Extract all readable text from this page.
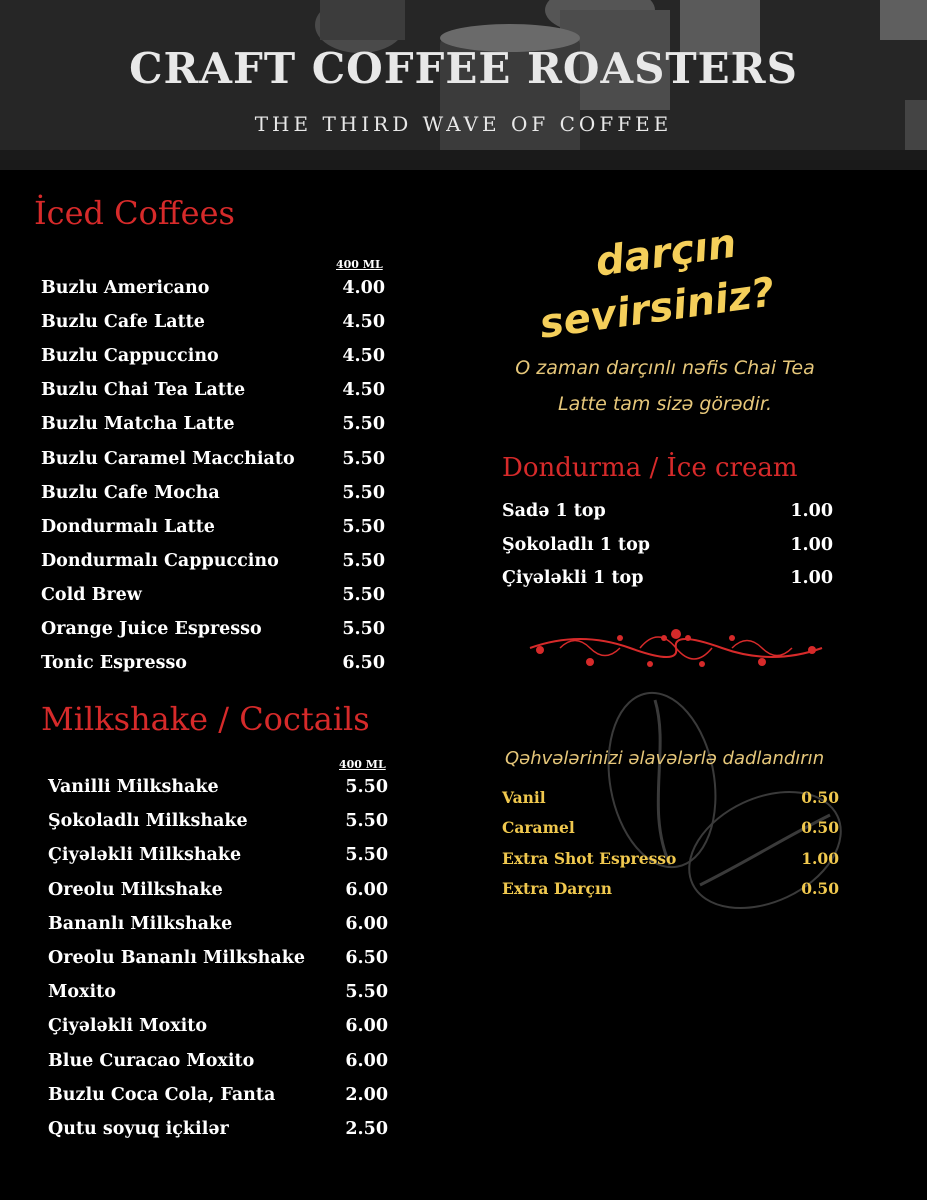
CRAFT COFFEE ROASTERS
THE THIRD WAVE OF COFFEE
İced Coffees
400 ML
Buzlu Americano	4.00
Buzlu Cafe Latte	4.50
Buzlu Cappuccino	4.50
Buzlu Chai Tea Latte	4.50
Buzlu Matcha Latte	5.50
Buzlu Caramel Macchiato	5.50
Buzlu Cafe Mocha	5.50
Dondurmalı Latte	5.50
Dondurmalı Cappuccino	5.50
Cold Brew	5.50
Orange Juice Espresso	5.50
Tonic Espresso	6.50
Milkshake / Coctails
400 ML
Vanilli Milkshake	5.50
Şokoladlı Milkshake	5.50
Çiyələkli Milkshake	5.50
Oreolu Milkshake	6.00
Bananlı Milkshake	6.00
Oreolu Bananlı Milkshake 6.50
Moxito	5.50
Çiyələkli Moxito	6.00
Blue Curacao Moxito	6.00
Buzlu Coca Cola, Fanta	2.00
Qutu soyuq içkilər	2.50
darçın
sevirsiniz?
O zaman darçınlı nəfis Chai Tea
Latte tam sizə görədir.
Dondurma / İce cream
Sadə 1 top	1.00
Şokoladlı 1 top	1.00
Çiyələkli 1 top	1.00
Qəhvələrinizi əlavələrlə dadlandırın
Vanil	0.50
Caramel	0.50
Extra Shot Espresso	1.00
Extra Darçın	0.50
